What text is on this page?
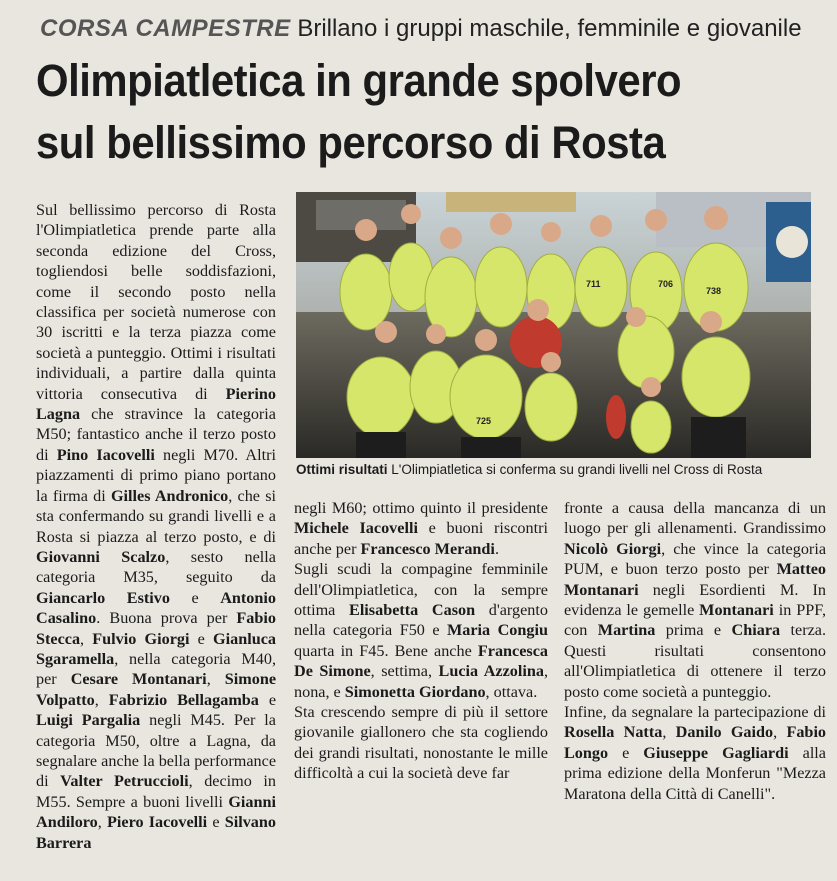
CORSA CAMPESTRE Brillano i gruppi maschile, femminile e giovanile
Olimpiatletica in grande spolvero
sul bellissimo percorso di Rosta
706
738
725
711
Ottimi risultati L'Olimpiatletica si conferma su grandi livelli nel Cross di Rosta

Sul bellissimo percorso di Rosta l'Olimpiatletica prende parte alla seconda edizione del Cross, togliendosi belle soddisfazioni, come il secondo posto nella classifica per società numerose con 30 iscritti e la terza piazza come società a punteggio. Ottimi i risultati individuali, a partire dalla quinta vittoria consecutiva di Pierino Lagna che stravince la categoria M50; fantastico anche il terzo posto di Pino Iacovelli negli M70. Altri piazzamenti di primo piano portano la firma di Gilles Andronico, che si sta confermando su grandi livelli e a Rosta si piazza al terzo posto, e di Giovanni Scalzo, sesto nella categoria M35, seguito da Giancarlo Estivo e Antonio Casalino. Buona prova per Fabio Stecca, Fulvio Giorgi e Gianluca Sgaramella, nella categoria M40, per Cesare Montanari, Simone Volpatto, Fabrizio Bellagamba e Luigi Pargalia negli M45. Per la categoria M50, oltre a Lagna, da segnalare anche la bella performance di Valter Petruccioli, decimo in M55. Sempre a buoni livelli Gianni Andiloro, Piero Iacovelli e Silvano Barrera

negli M60; ottimo quinto il presidente Michele Iacovelli e buoni riscontri anche per Francesco Merandi.

Sugli scudi la compagine femminile dell'Olimpiatletica, con la sempre ottima Elisabetta Cason d'argento nella categoria F50 e Maria Congiu quarta in F45. Bene anche Francesca De Simone, settima, Lucia Azzolina, nona, e Simonetta Giordano, ottava.

Sta crescendo sempre di più il settore giovanile giallonero che sta cogliendo dei grandi risultati, nonostante le mille difficoltà a cui la società deve far

fronte a causa della mancanza di un luogo per gli allenamenti. Grandissimo Nicolò Giorgi, che vince la categoria PUM, e buon terzo posto per Matteo Montanari negli Esordienti M. In evidenza le gemelle Montanari in PPF, con Martina prima e Chiara terza. Questi risultati consentono all'Olimpiatletica di ottenere il terzo posto come società a punteggio.

Infine, da segnalare la partecipazione di Rosella Natta, Danilo Gaido, Fabio Longo e Giuseppe Gagliardi alla prima edizione della Monferun "Mezza Maratona della Città di Canelli".
